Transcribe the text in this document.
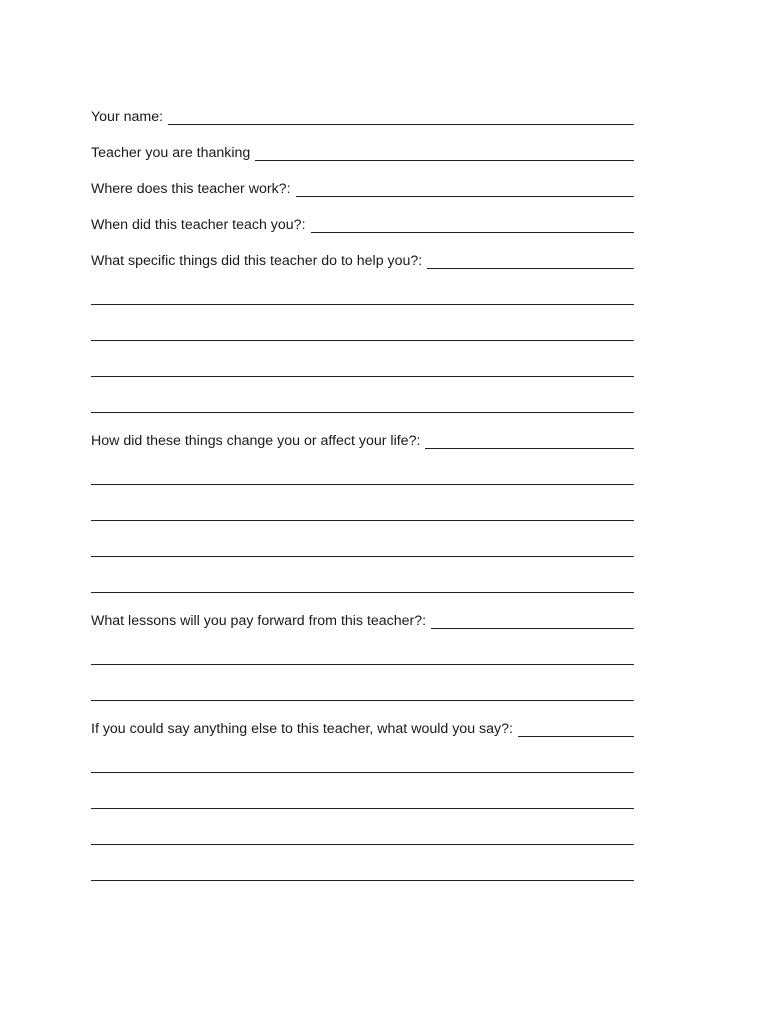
Your name:
Teacher you are thanking
Where does this teacher work?:
When did this teacher teach you?:
What specific things did this teacher do to help you?:
How did these things change you or affect your life?:
What lessons will you pay forward from this teacher?:
If you could say anything else to this teacher, what would you say?:
